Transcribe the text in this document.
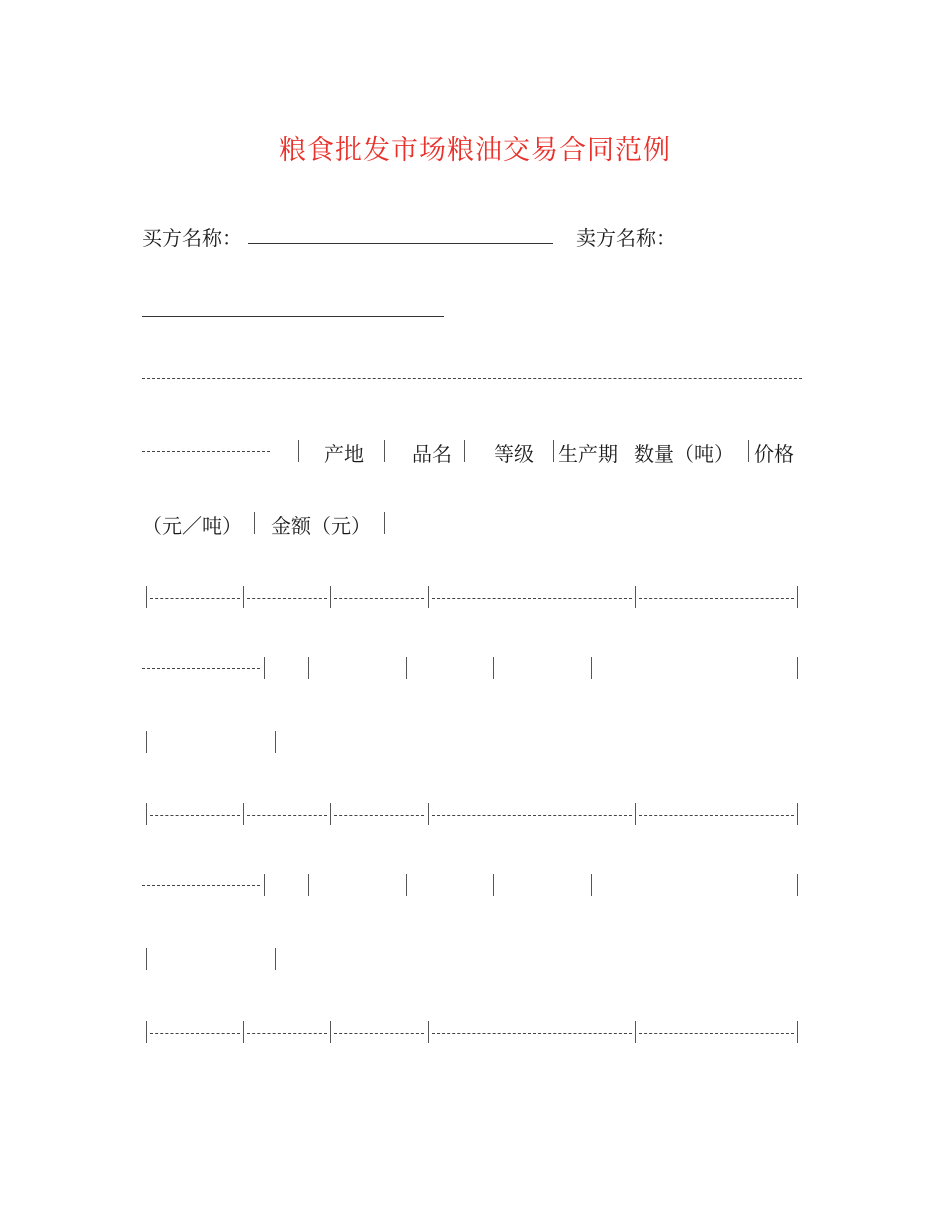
粮食批发市场粮油交易合同范例
买方名称：	卖方名称：
产地 品名 等级 生产期 数量（吨） 价格
（元／吨） 金额（元）
